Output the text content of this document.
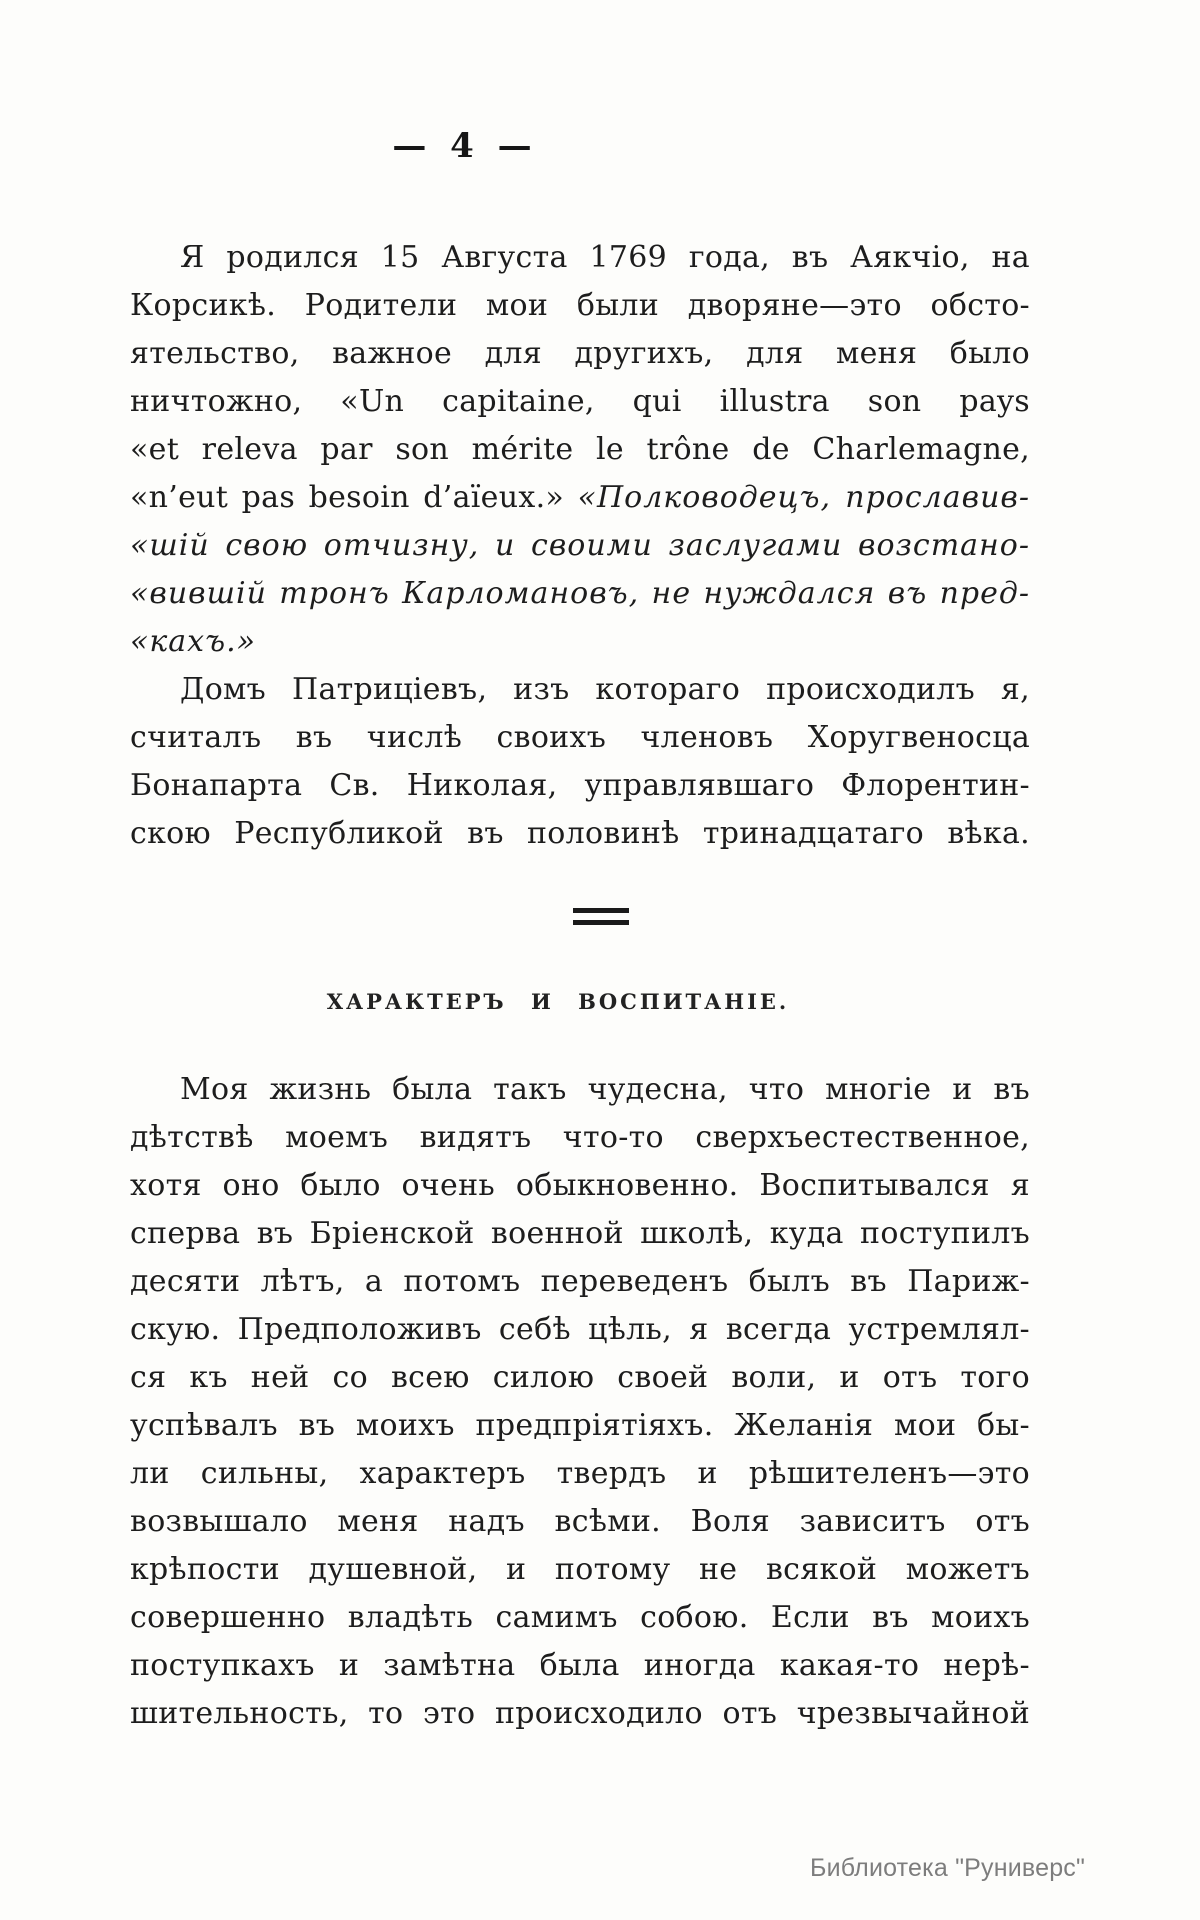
— 4 —
Я родился 15 Августа 1769 года, въ Аякчіо, на
Корсикѣ. Родители мои были дворяне—это обсто-
ятельство, важное для другихъ, для меня было
ничтожно, «Un capitaine, qui illustra son pays
«et releva par son mérite le trône de Charlemagne,
«n’eut pas besoin d’aïeux.» «Полководецъ, прославив-
«шій свою отчизну, и своими заслугами возстано-
«вившій тронъ Карломановъ, не нуждался въ пред-
«кахъ.»
Домъ Патриціевъ, изъ котораго происходилъ я,
считалъ въ числѣ своихъ членовъ Хоругвеносца
Бонапарта Св. Николая, управлявшаго Флорентин-
скою Республикой въ половинѣ тринадцатаго вѣка.
ХАРАКТЕРЪ И ВОСПИТАНІЕ.
Моя жизнь была такъ чудесна, что многіе и въ
дѣтствѣ моемъ видятъ что-то сверхъестественное,
хотя оно было очень обыкновенно. Воспитывался я
сперва въ Бріенской военной школѣ, куда поступилъ
десяти лѣтъ, а потомъ переведенъ былъ въ Париж-
скую. Предположивъ себѣ цѣль, я всегда устремлял-
ся къ ней со всею силою своей воли, и отъ того
успѣвалъ въ моихъ предпріятіяхъ. Желанія мои бы-
ли сильны, характеръ твердъ и рѣшителенъ—это
возвышало меня надъ всѣми. Воля зависитъ отъ
крѣпости душевной, и потому не всякой можетъ
совершенно владѣть самимъ собою. Если въ моихъ
поступкахъ и замѣтна была иногда какая-то нерѣ-
шительность, то это происходило отъ чрезвычайной
Библиотека "Руниверс"
